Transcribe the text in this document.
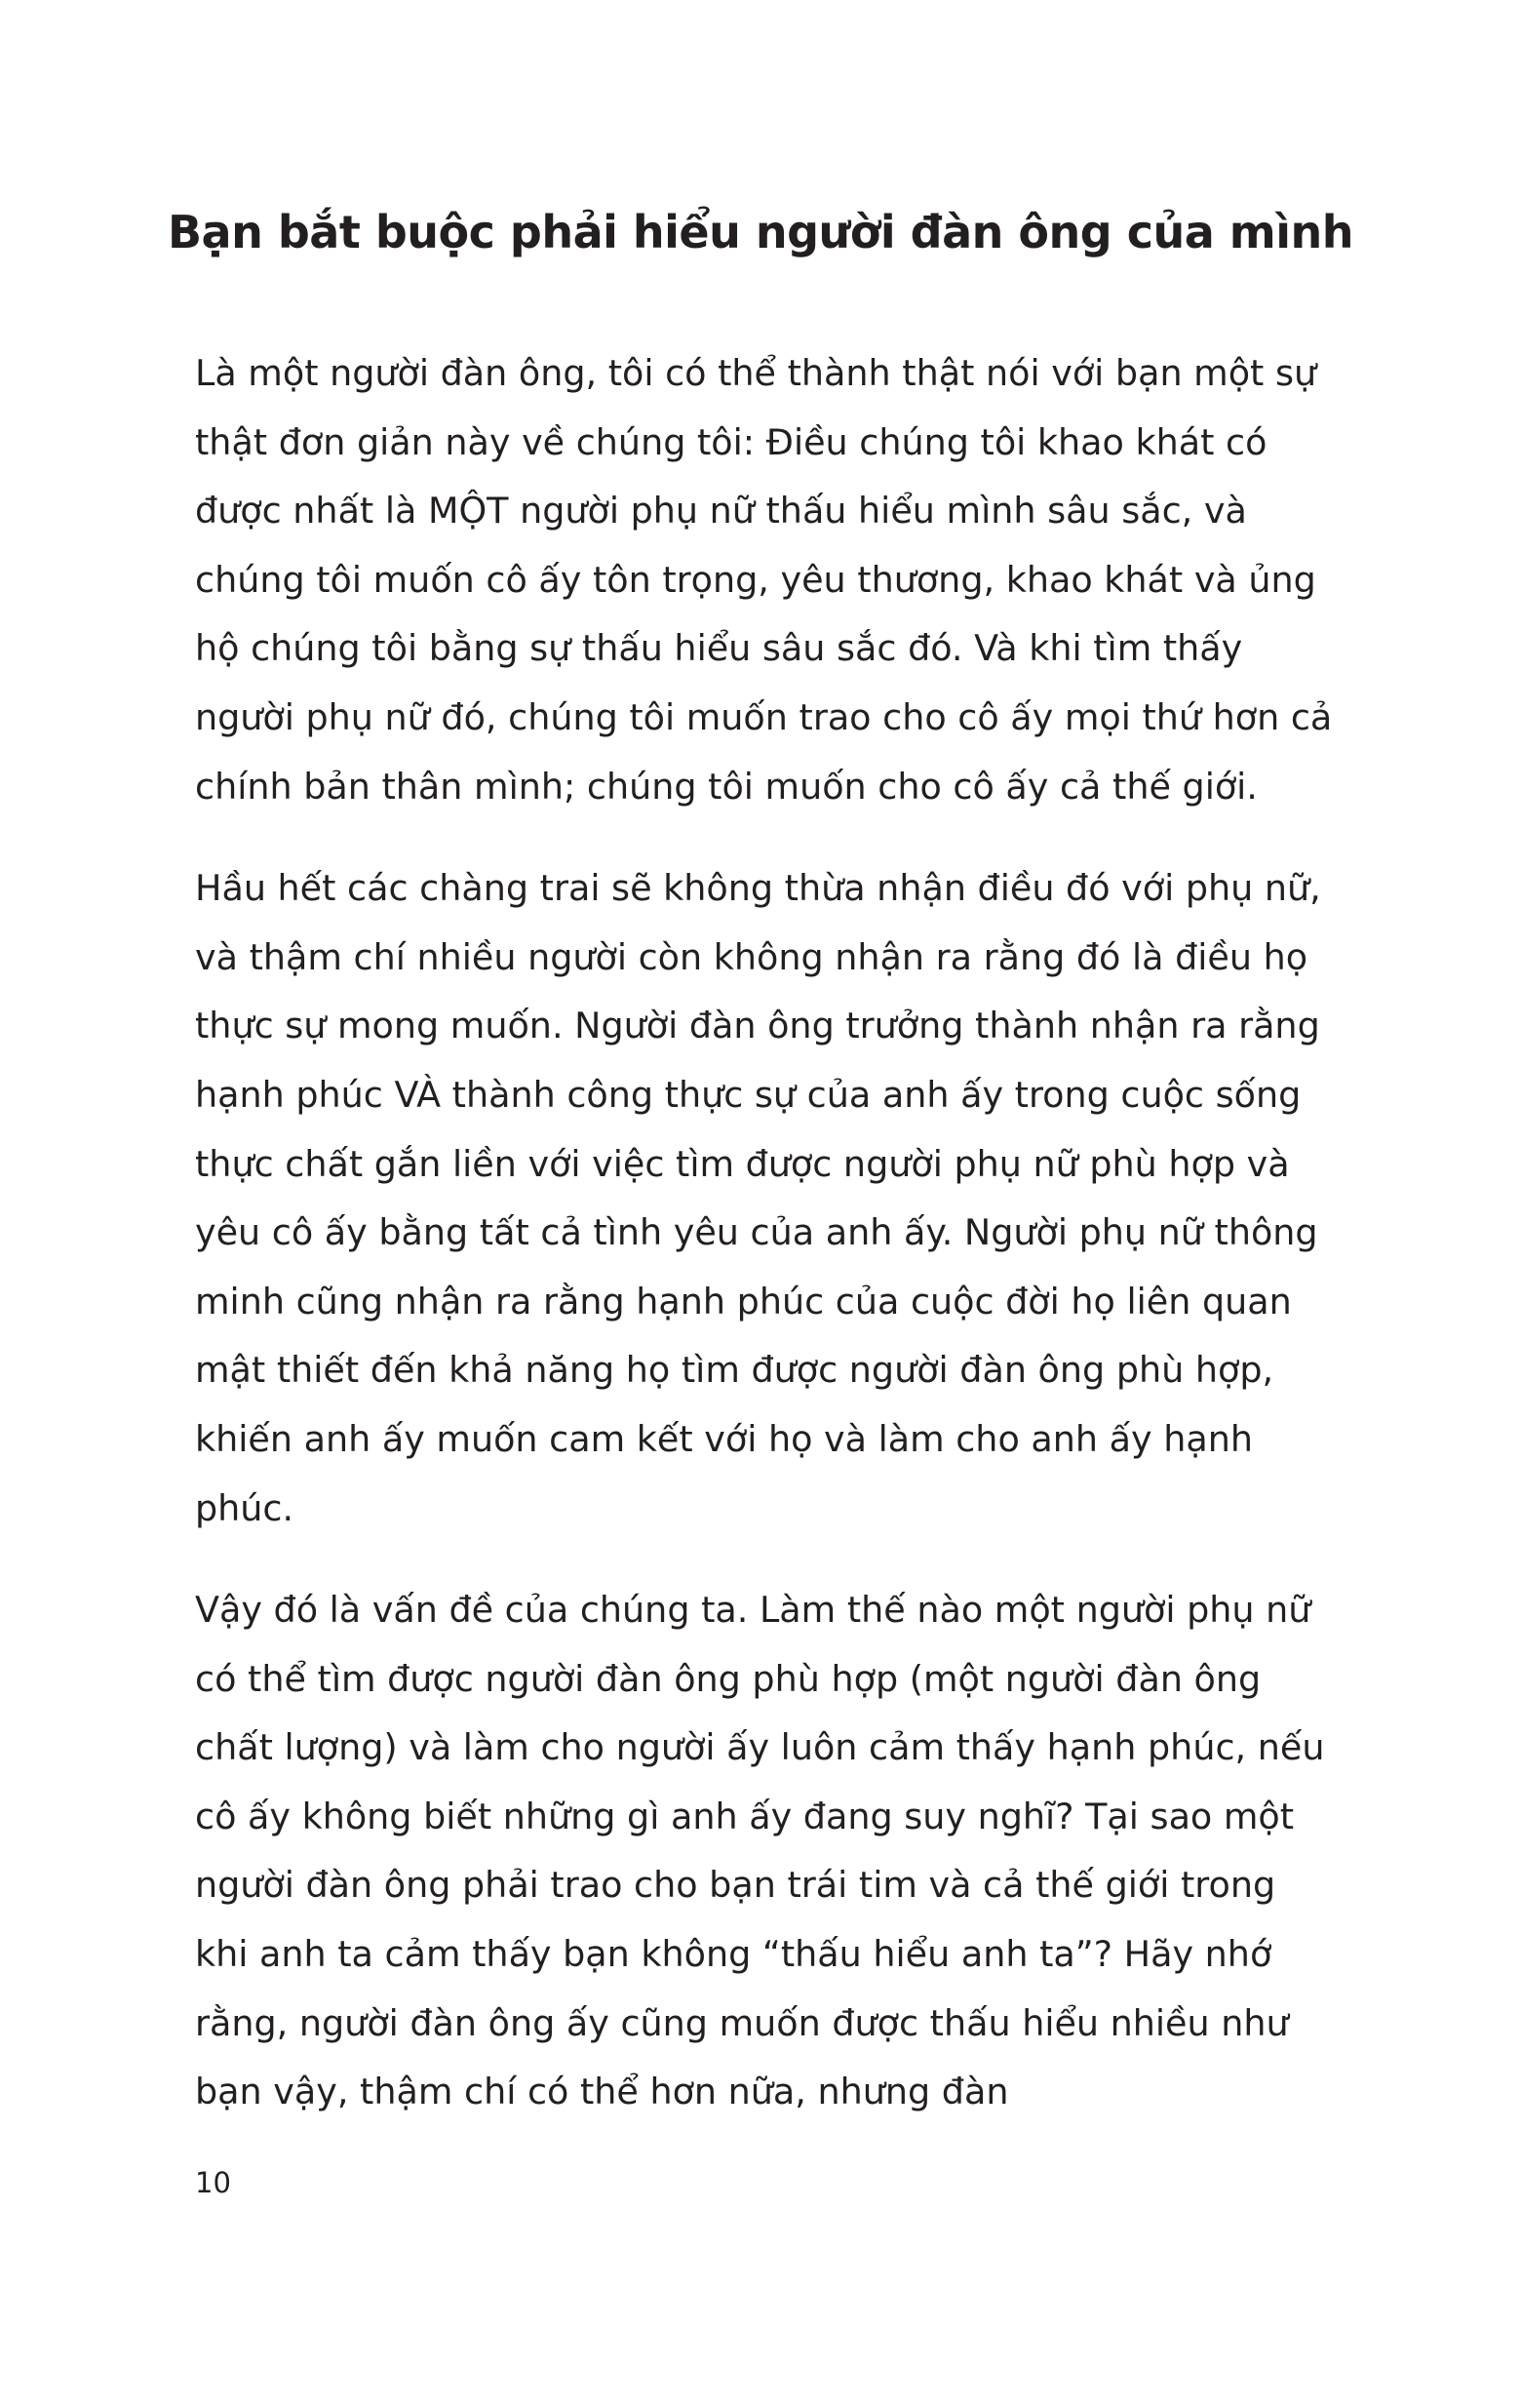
Bạn bắt buộc phải hiểu người đàn ông của mình
Là một người đàn ông, tôi có thể thành thật nói với bạn một sự thật đơn giản này về chúng tôi: Điều chúng tôi khao khát có được nhất là MỘT người phụ nữ thấu hiểu mình sâu sắc, và chúng tôi muốn cô ấy tôn trọng, yêu thương, khao khát và ủng hộ chúng tôi bằng sự thấu hiểu sâu sắc đó. Và khi tìm thấy người phụ nữ đó, chúng tôi muốn trao cho cô ấy mọi thứ hơn cả chính bản thân mình; chúng tôi muốn cho cô ấy cả thế giới.
Hầu hết các chàng trai sẽ không thừa nhận điều đó với phụ nữ, và thậm chí nhiều người còn không nhận ra rằng đó là điều họ thực sự mong muốn. Người đàn ông trưởng thành nhận ra rằng hạnh phúc VÀ thành công thực sự của anh ấy trong cuộc sống thực chất gắn liền với việc tìm được người phụ nữ phù hợp và yêu cô ấy bằng tất cả tình yêu của anh ấy. Người phụ nữ thông minh cũng nhận ra rằng hạnh phúc của cuộc đời họ liên quan mật thiết đến khả năng họ tìm được người đàn ông phù hợp, khiến anh ấy muốn cam kết với họ và làm cho anh ấy hạnh phúc.
Vậy đó là vấn đề của chúng ta. Làm thế nào một người phụ nữ có thể tìm được người đàn ông phù hợp (một người đàn ông chất lượng) và làm cho người ấy luôn cảm thấy hạnh phúc, nếu cô ấy không biết những gì anh ấy đang suy nghĩ? Tại sao một người đàn ông phải trao cho bạn trái tim và cả thế giới trong khi anh ta cảm thấy bạn không “thấu hiểu anh ta”? Hãy nhớ rằng, người đàn ông ấy cũng muốn được thấu hiểu nhiều như bạn vậy, thậm chí có thể hơn nữa, nhưng đàn

10
